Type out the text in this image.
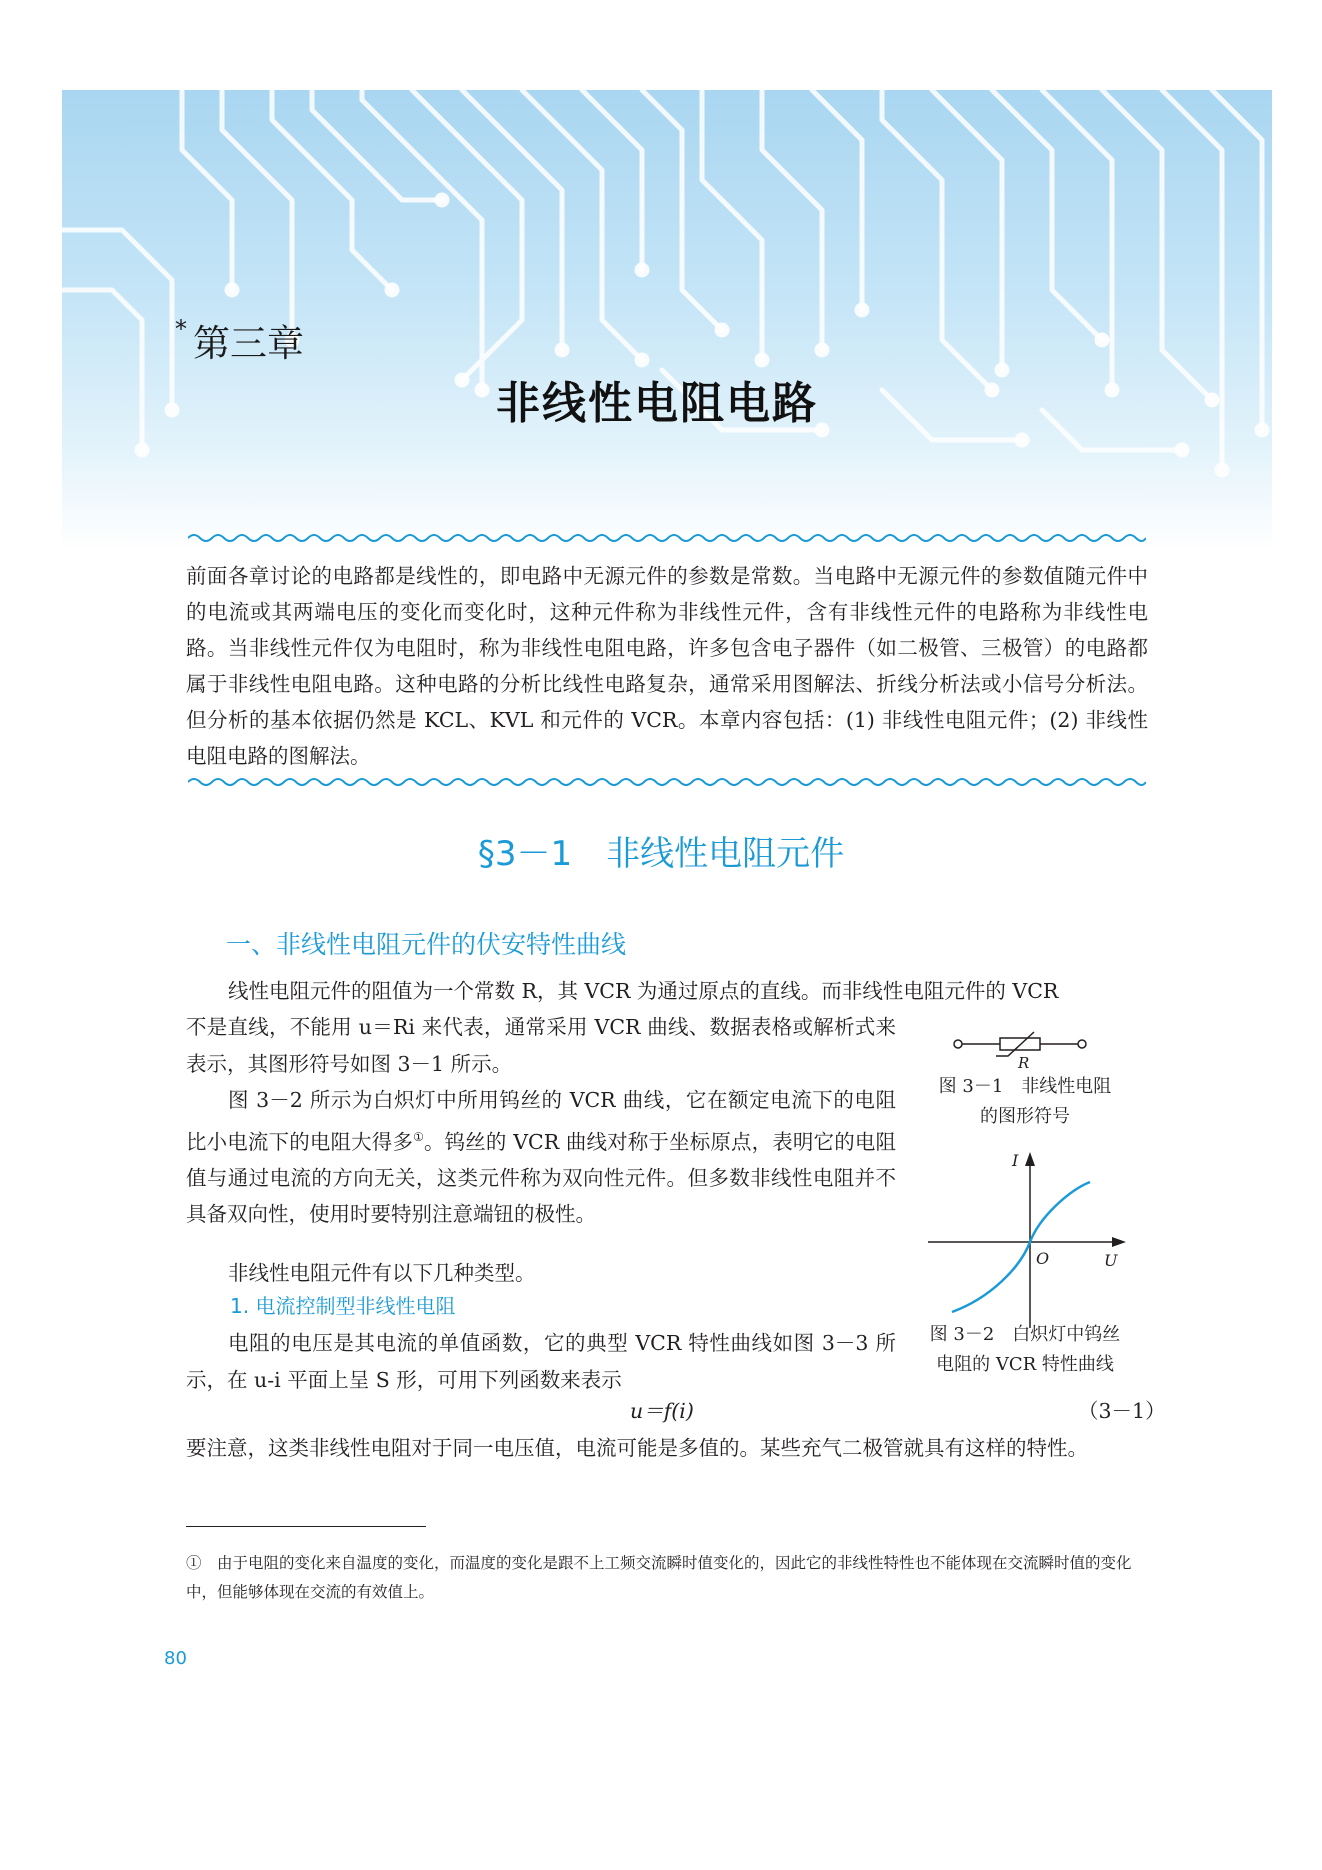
* 第三章
非线性电阻电路

前面各章讨论的电路都是线性的，即电路中无源元件的参数是常数。当电路中无源元件的参数值随元件中的电流或其两端电压的变化而变化时，这种元件称为非线性元件，含有非线性元件的电路称为非线性电路。当非线性元件仅为电阻时，称为非线性电阻电路，许多包含电子器件（如二极管、三极管）的电路都属于非线性电阻电路。这种电路的分析比线性电路复杂，通常采用图解法、折线分析法或小信号分析法。但分析的基本依据仍然是 KCL、KVL 和元件的 VCR。本章内容包括：(1) 非线性电阻元件；(2) 非线性电阻电路的图解法。

§3－1　非线性电阻元件
一、非线性电阻元件的伏安特性曲线

线性电阻元件的阻值为一个常数 R，其 VCR 为通过原点的直线。而非线性电阻元件的 VCR

不是直线，不能用 u＝Ri 来代表，通常采用 VCR 曲线、数据表格或解析式来表示，其图形符号如图 3－1 所示。

图 3－2 所示为白炽灯中所用钨丝的 VCR 曲线，它在额定电流下的电阻比小电流下的电阻大得多①。钨丝的 VCR 曲线对称于坐标原点，表明它的电阻值与通过电流的方向无关，这类元件称为双向性元件。但多数非线性电阻并不具备双向性，使用时要特别注意端钮的极性。

非线性电阻元件有以下几种类型。

1. 电流控制型非线性电阻

电阻的电压是其电流的单值函数，它的典型 VCR 特性曲线如图 3－3 所示，在 u-i 平面上呈 S 形，可用下列函数来表示

u＝f(i)	（3－1）

要注意，这类非线性电阻对于同一电压值，电流可能是多值的。某些充气二极管就具有这样的特性。

R
图 3－1　非线性电阻
的图形符号
I
U
O
图 3－2　白炽灯中钨丝
电阻的 VCR 特性曲线

①　由于电阻的变化来自温度的变化，而温度的变化是跟不上工频交流瞬时值变化的，因此它的非线性特性也不能体现在交流瞬时值的变化中，但能够体现在交流的有效值上。

80
